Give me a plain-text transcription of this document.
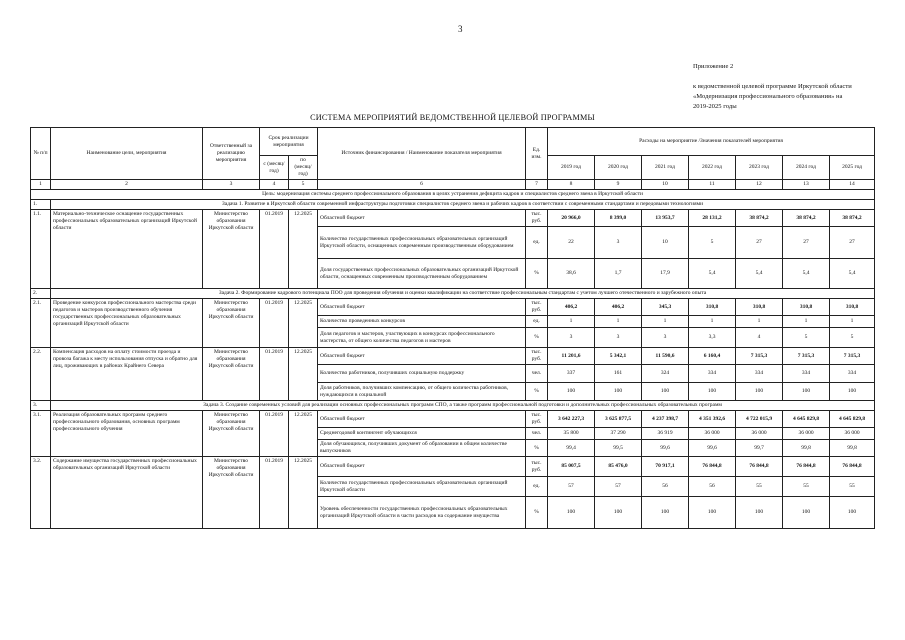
3
Приложение 2
к ведомственной целевой программе Иркутской области «Модернизация профессионального образования» на 2019-2025 годы
СИСТЕМА МЕРОПРИЯТИЙ ВЕДОМСТВЕННОЙ ЦЕЛЕВОЙ ПРОГРАММЫ
№ п/п	Наименование цели, мероприятия	Ответственный за реализацию мероприятия	Срок реализации мероприятия		Источник финансирования / Наименование показателя мероприятия	Ед. изм.	Расходы на мероприятие /Значения показателей мероприятия						
			с (месяц/год)	по (месяц/год)			2019 год	2020 год	2021 год	2022 год	2023 год	2024 год	2025 год
1	2	3	4	5	6	7	8	9	10	11	12	13	14
Цель: модернизация системы среднего профессионального образования в целях устранения дефицита кадров и специалистов среднего звена в Иркутской области													
1.	Задача 1. Развитие в Иркутской области современной инфраструктуры подготовки специалистов среднего звена и рабочих кадров в соответствии с современными стандартами и передовыми технологиями												
1.1.	Материально-техническое оснащение государственных профессиональных образовательных организаций Иркутской области	Министерство образования Иркутской области	01.2019	12.2025	Областной бюджет	тыс. руб.	20 966,0	8 399,0	13 953,7	28 131,2	38 874,2	38 874,2	38 874,2
					Количество государственных профессиональных образовательных организаций Иркутской области, оснащенных современным производственным оборудованием	ед.	22	3	10	5	27	27	27
					Доля государственных профессиональных образовательных организаций Иркутской области, оснащенных современным производственным оборудованием	%	38,6	1,7	17,9	5,4	5,4	5,4	5,4
2.	Задача 2. Формирование кадрового потенциала ПОО для проведения обучения и оценки квалификации на соответствие профессиональным стандартам с учетом лучшего отечественного и зарубежного опыта												
2.1.	Проведение конкурсов профессионального мастерства среди педагогов и мастеров производственного обучения государственных профессиональных образовательных организаций Иркутской области	Министерство образования Иркутской области	01.2019	12.2025	Областной бюджет	тыс. руб.	406,2	406,2	345,3	310,8	310,8	310,8	310,8
					Количество проведенных конкурсов	ед.	1	1	1	1	1	1	1
					Доля педагогов и мастеров, участвующих в конкурсах профессионального мастерства, от общего количества педагогов и мастеров	%	3	3	3	3,3	4	5	5
2.2.	Компенсация расходов на оплату стоимости проезда и провоза багажа к месту использования отпуска и обратно для лиц, проживающих в районах Крайнего Севера	Министерство образования Иркутской области	01.2019	12.2025	Областной бюджет	тыс. руб.	11 201,6	5 342,1	11 590,6	6 160,4	7 315,3	7 315,3	7 315,3
					Количество работников, получивших социальную поддержку	чел.	337	161	324	334	334	334	334
					Доля работников, получивших компенсацию, от общего количества работников, нуждающихся в социальной	%	100	100	100	100	100	100	100
3.	Задача 3. Создание современных условий для реализации основных профессиональных программ СПО, а также программ профессиональной подготовки и дополнительных профессиональных образовательных программ												
3.1.	Реализация образовательных программ среднего профессионального образования, основных программ профессионального обучения	Министерство образования Иркутской области	01.2019	12.2025	Областной бюджет	тыс. руб.	3 642 227,3	3 625 877,5	4 237 398,7	4 351 392,6	4 722 015,9	4 645 829,8	4 645 829,8
					Среднегодовой контингент обучающихся	чел.	35 800	37 290	36 919	36 000	36 000	36 000	36 000
					Доля обучающихся, получивших документ об образовании в общем количестве выпускников	%	99,4	99,5	99,6	99,6	99,7	99,8	99,8
3.2.	Содержание имущества государственных профессиональных образовательных организаций Иркутской области	Министерство образования Иркутской области	01.2019	12.2025	Областной бюджет	тыс. руб.	85 007,5	85 476,0	70 917,1	76 844,8	76 844,8	76 844,8	76 844,8
					Количество государственных профессиональных образовательных организаций Иркутской области	ед.	57	57	56	56	55	55	55
					Уровень обеспеченности государственных профессиональных образовательных организаций Иркутской области в части расходов на содержание имущества	%	100	100	100	100	100	100	100
